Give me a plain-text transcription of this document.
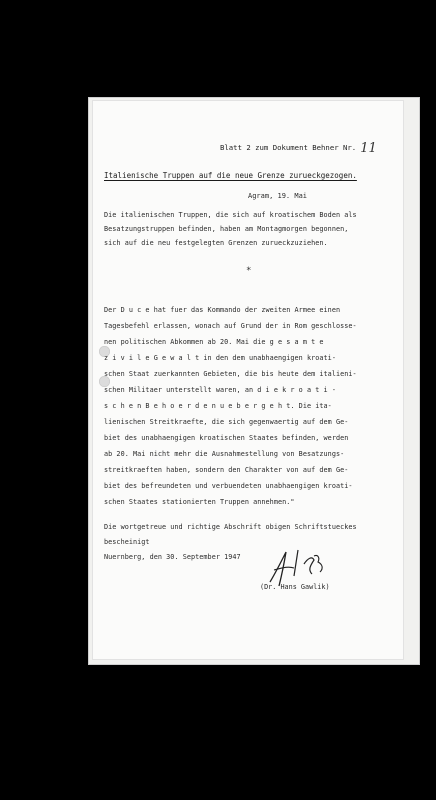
Blatt 2 zum Dokument Behner Nr. 11
Italienische Truppen auf die neue Grenze zurueckgezogen.
Agram, 19. Mai
Die italienischen Truppen, die sich auf kroatischem Boden als
Besatzungstruppen befinden, haben am Montagmorgen begonnen,
sich auf die neu festgelegten Grenzen zurueckzuziehen.
*
Der D u c e hat fuer das Kommando der zweiten Armee einen
Tagesbefehl erlassen, wonach auf Grund der in Rom geschlosse-
nen politischen Abkommen ab 20. Mai die g e s a m t e
z i v i l e G e w a l t in den dem unabhaengigen kroati-
schen Staat zuerkannten Gebieten, die bis heute dem italieni-
schen Militaer unterstellt waren, an d i e k r o a t i -
s c h e n B e h o e r d e n u e b e r g e h t. Die ita-
lienischen Streitkraefte, die sich gegenwaertig auf dem Ge-
biet des unabhaengigen kroatischen Staates befinden, werden
ab 20. Mai nicht mehr die Ausnahmestellung von Besatzungs-
streitkraeften haben, sondern den Charakter von auf dem Ge-
biet des befreundeten und verbuendeten unabhaengigen kroati-
schen Staates stationierten Truppen annehmen."
Die wortgetreue und richtige Abschrift obigen Schriftstueckes
bescheinigt
Nuernberg, den 30. September 1947
(Dr. Hans Gawlik)
